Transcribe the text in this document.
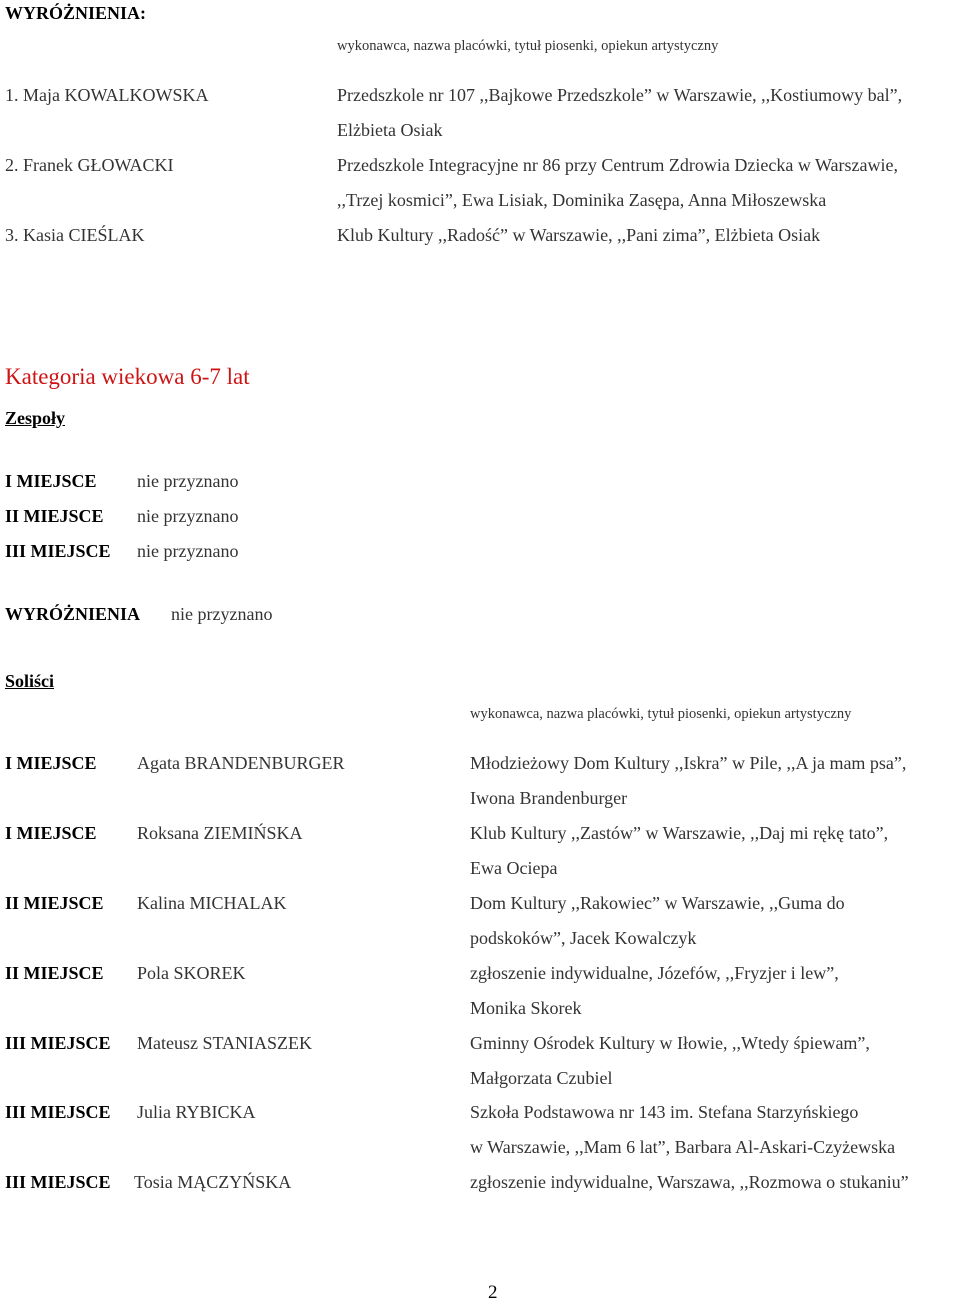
WYRÓŻNIENIA:
wykonawca, nazwa placówki, tytuł piosenki, opiekun artystyczny
1. Maja KOWALKOWSKA	Przedszkole nr 107 ,,Bajkowe Przedszkole” w Warszawie, ,,Kostiumowy bal”,
Elżbieta Osiak
2. Franek GŁOWACKI	Przedszkole Integracyjne nr 86 przy Centrum Zdrowia Dziecka w Warszawie,
,,Trzej kosmici”, Ewa Lisiak, Dominika Zasępa, Anna Miłoszewska
3. Kasia CIEŚLAK	Klub Kultury ,,Radość” w Warszawie, ,,Pani zima”, Elżbieta Osiak
Kategoria wiekowa 6-7 lat
Zespoły
I MIEJSCE nie przyznano
II MIEJSCE nie przyznano
III MIEJSCE nie przyznano
WYRÓŻNIENIA nie przyznano
Soliści
wykonawca, nazwa placówki, tytuł piosenki, opiekun artystyczny
I MIEJSCE Agata BRANDENBURGER	Młodzieżowy Dom Kultury ,,Iskra” w Pile, ,,A ja mam psa”,
Iwona Brandenburger
I MIEJSCE Roksana ZIEMIŃSKA	Klub Kultury ,,Zastów” w Warszawie, ,,Daj mi rękę tato”,
Ewa Ociepa
II MIEJSCE Kalina MICHALAK	Dom Kultury ,,Rakowiec” w Warszawie, ,,Guma do
podskoków”, Jacek Kowalczyk
II MIEJSCE Pola SKOREK	zgłoszenie indywidualne, Józefów, ,,Fryzjer i lew”,
Monika Skorek
III MIEJSCE Mateusz STANIASZEK	Gminny Ośrodek Kultury w Iłowie, ,,Wtedy śpiewam”,
Małgorzata Czubiel
III MIEJSCE Julia RYBICKA	Szkoła Podstawowa nr 143 im. Stefana Starzyńskiego
w Warszawie, ,,Mam 6 lat”, Barbara Al-Askari-Czyżewska
III MIEJSCE Tosia MĄCZYŃSKA	zgłoszenie indywidualne, Warszawa, ,,Rozmowa o stukaniu”
2
